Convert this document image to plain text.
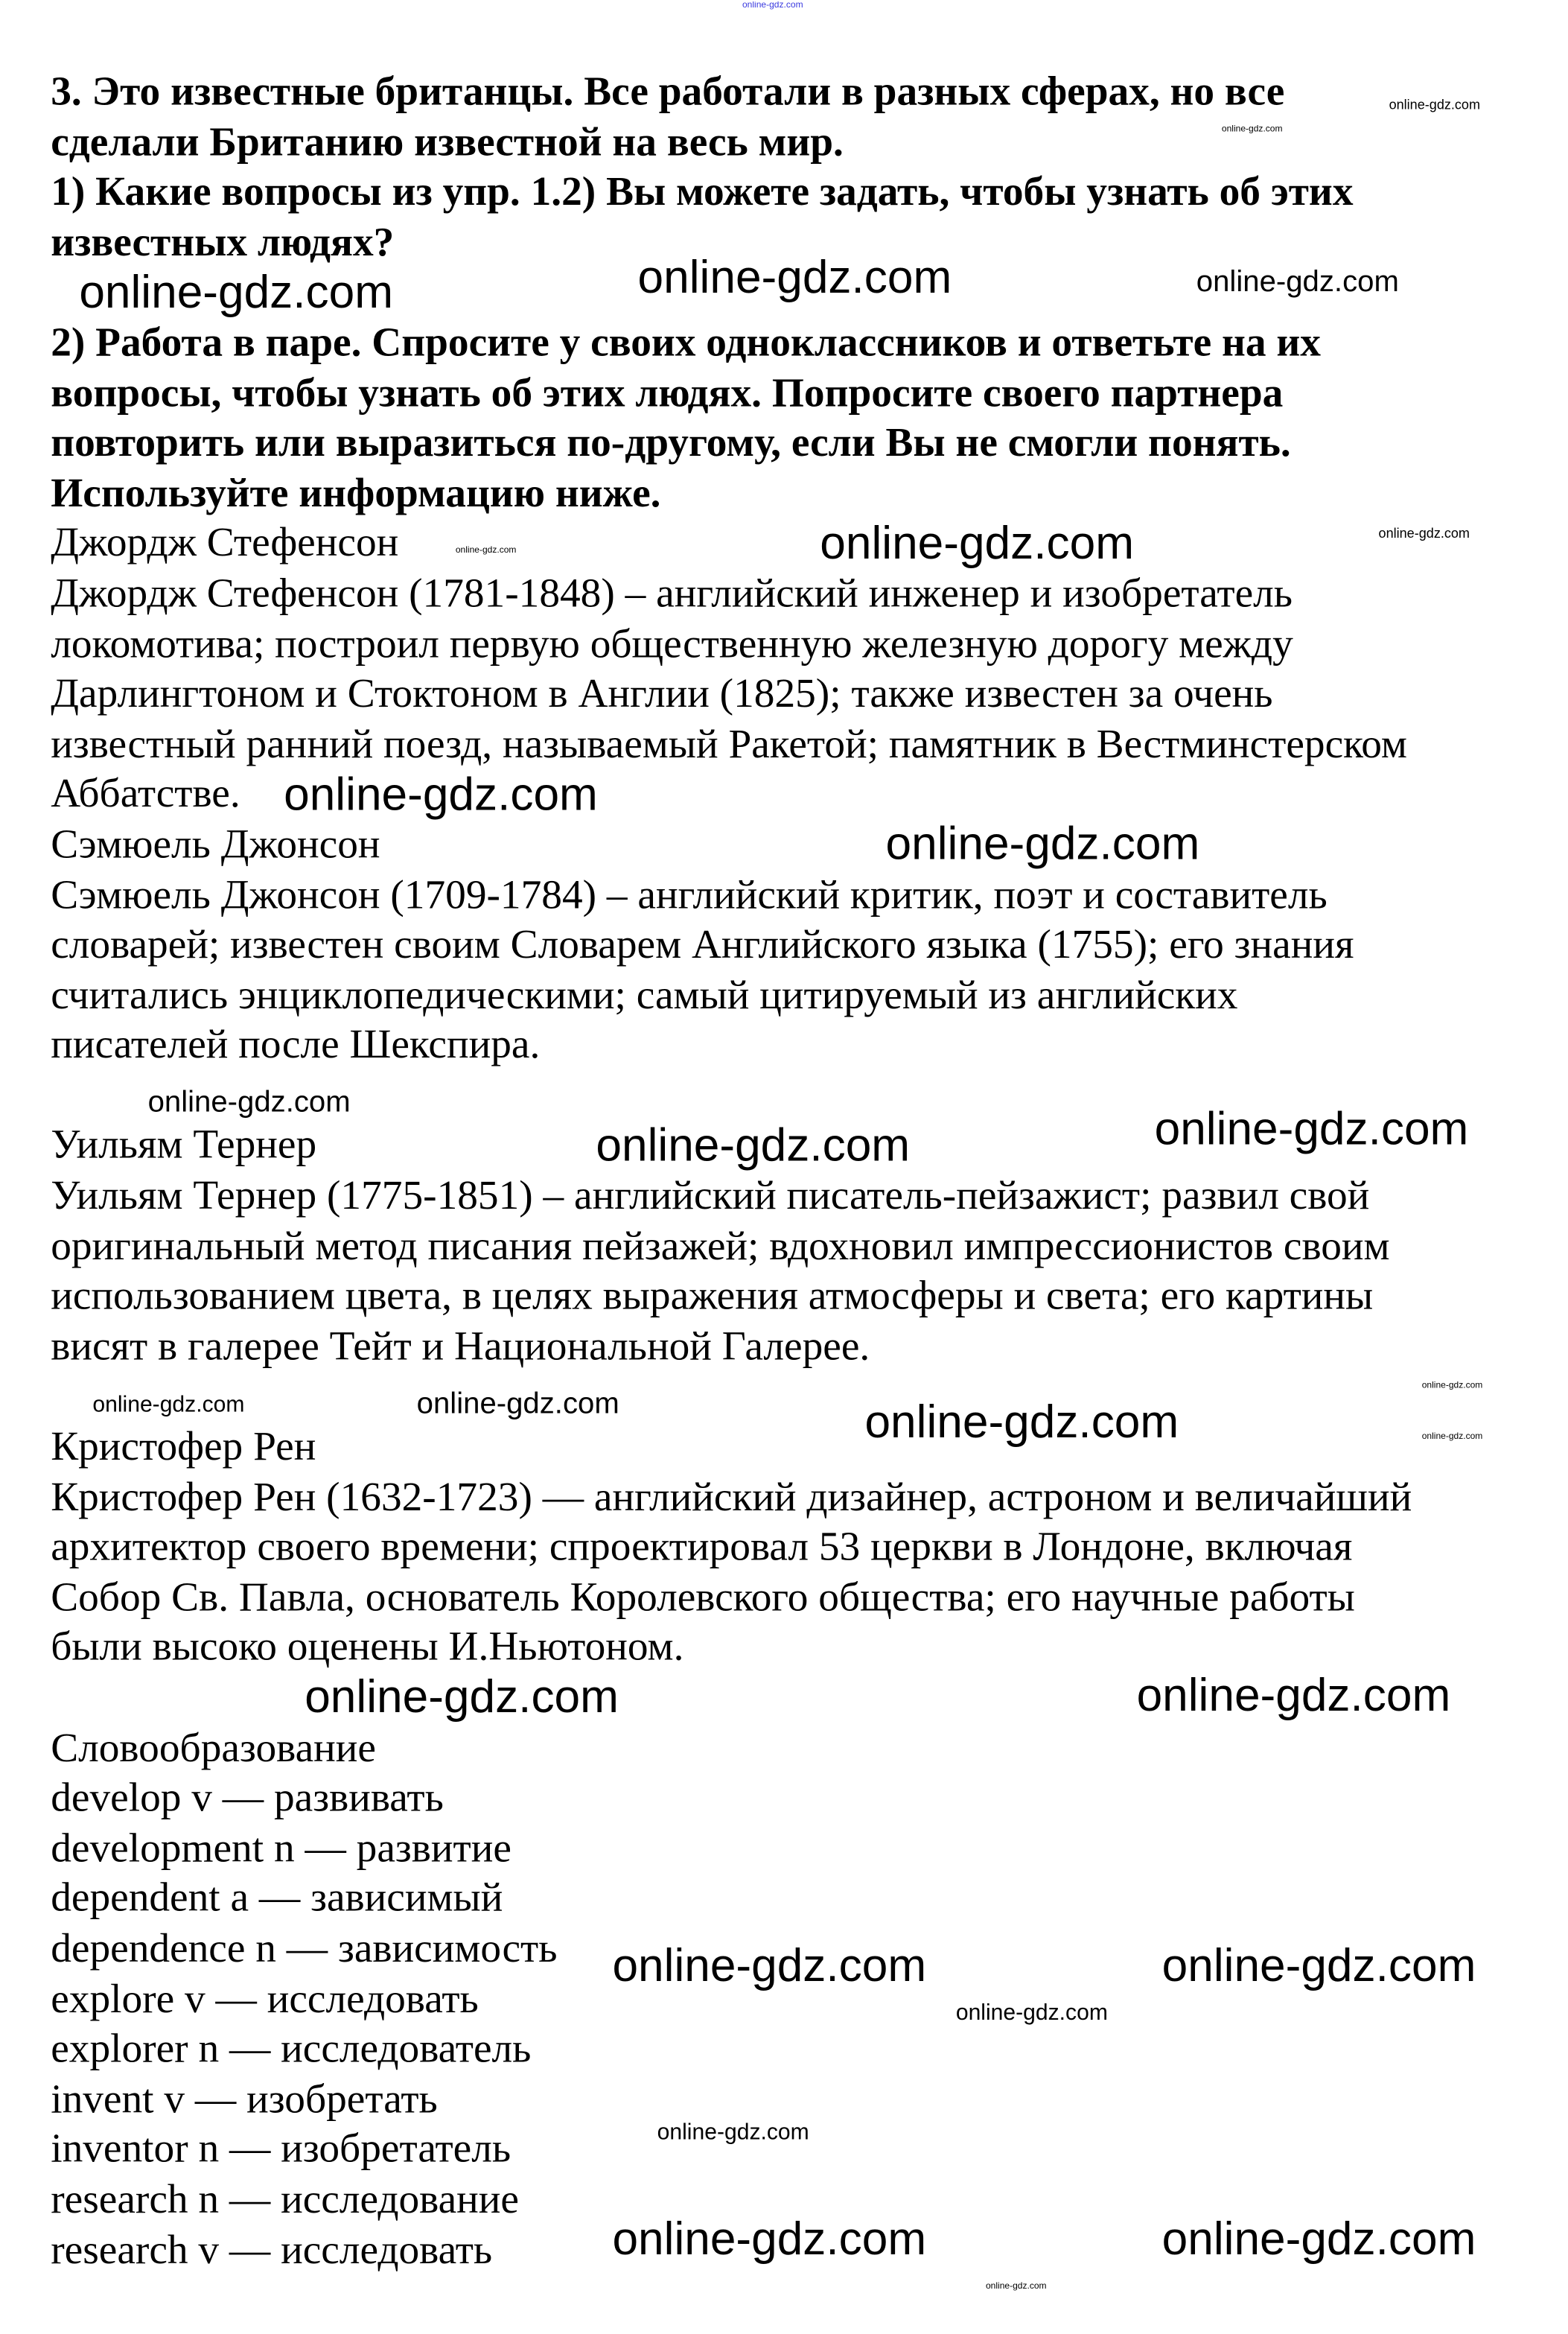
3. Это известные британцы. Все работали в разных сферах, но все
сделали Британию известной на весь мир.
1) Какие вопросы из упр. 1.2) Вы можете задать, чтобы узнать об этих
известных людях?
2) Работа в паре. Спросите у своих одноклассников и ответьте на их
вопросы, чтобы узнать об этих людях. Попросите своего партнера
повторить или выразиться по-другому, если Вы не смогли понять.
Используйте информацию ниже.
Джордж Стефенсон
Джордж Стефенсон (1781-1848) – английский инженер и изобретатель
локомотива; построил первую общественную железную дорогу между
Дарлингтоном и Стоктоном в Англии (1825); также известен за очень
известный ранний поезд, называемый Ракетой; памятник в Вестминстерском
Аббатстве.
Сэмюель Джонсон
Сэмюель Джонсон (1709-1784) – английский критик, поэт и составитель
словарей; известен своим Словарем Английского языка (1755); его знания
считались энциклопедическими; самый цитируемый из английских
писателей после Шекспира.
Уильям Тернер
Уильям Тернер (1775-1851) – английский писатель-пейзажист; развил свой
оригинальный метод писания пейзажей; вдохновил импрессионистов своим
использованием цвета, в целях выражения атмосферы и света; его картины
висят в галерее Тейт и Национальной Галерее.
Кристофер Рен
Кристофер Рен (1632-1723) — английский дизайнер, астроном и величайший
архитектор своего времени; спроектировал 53 церкви в Лондоне, включая
Собор Св. Павла, основатель Королевского общества; его научные работы
были высоко оценены И.Ньютоном.
Словообразование
develop v — развивать
development n — развитие
dependent a — зависимый
dependence n — зависимость
explore v — исследовать
explorer n — исследователь
invent v — изобретать
inventor n — изобретатель
research n — исследование
research v — исследовать
online-gdz.com
online-gdz.com
online-gdz.com
online-gdz.com	online-gdz.com	online-gdz.com
online-gdz.com	online-gdz.com	online-gdz.com
online-gdz.com
online-gdz.com
online-gdz.com
online-gdz.com	online-gdz.com
online-gdz.com	online-gdz.com	online-gdz.com
online-gdz.com
online-gdz.com
online-gdz.com	online-gdz.com
online-gdz.com
online-gdz.com	online-gdz.com
online-gdz.com
online-gdz.com
online-gdz.com	online-gdz.com
